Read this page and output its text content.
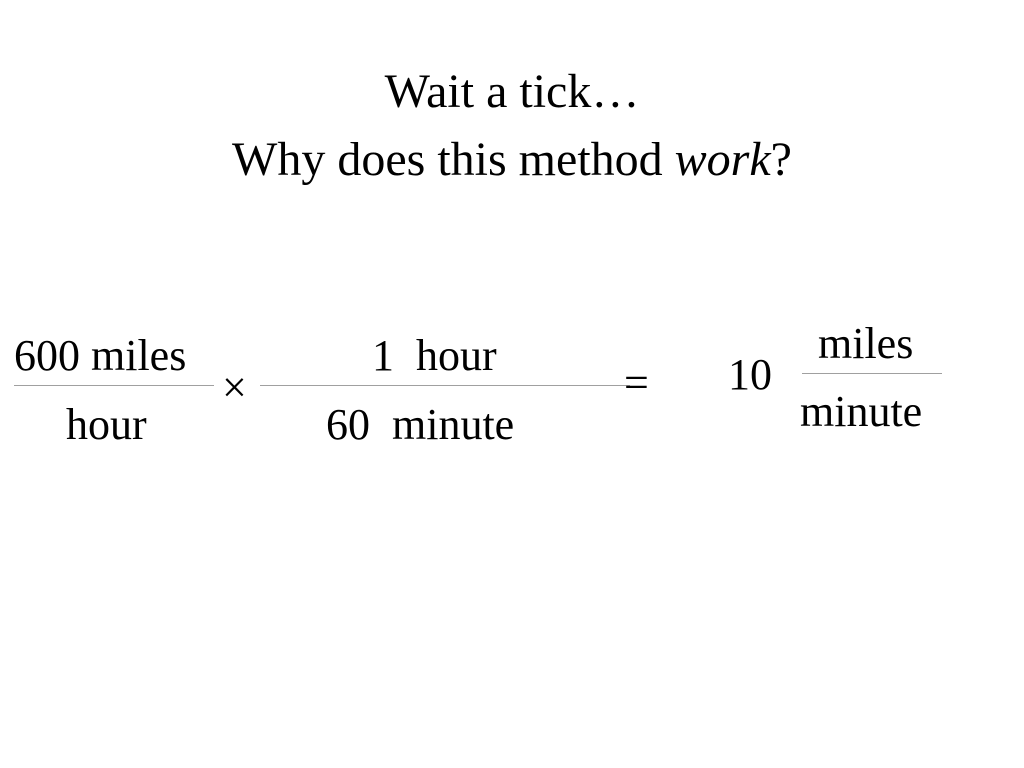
Wait a tick…
Why does this method work?
600 miles
hour
×
1  hour
60  minute
= 10
miles
minute
